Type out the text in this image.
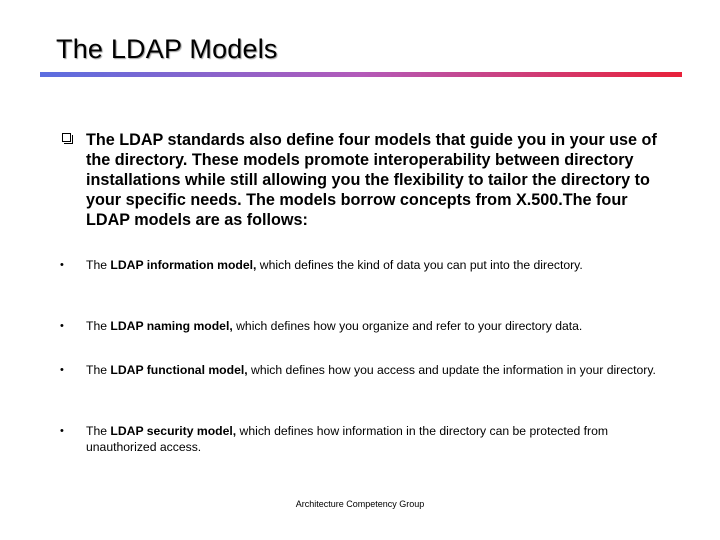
The LDAP Models

The LDAP standards also define four models that guide you in your use of the directory. These models promote interoperability between directory installations while still allowing you the flexibility to tailor the directory to your specific needs. The models borrow concepts from X.500.The four LDAP models are as follows:

• The LDAP information model, which defines the kind of data you can put into the directory.
• The LDAP naming model, which defines how you organize and refer to your directory data.
• The LDAP functional model, which defines how you access and update the information in your directory.
• The LDAP security model, which defines how information in the directory can be protected from unauthorized access.
Architecture Competency Group
